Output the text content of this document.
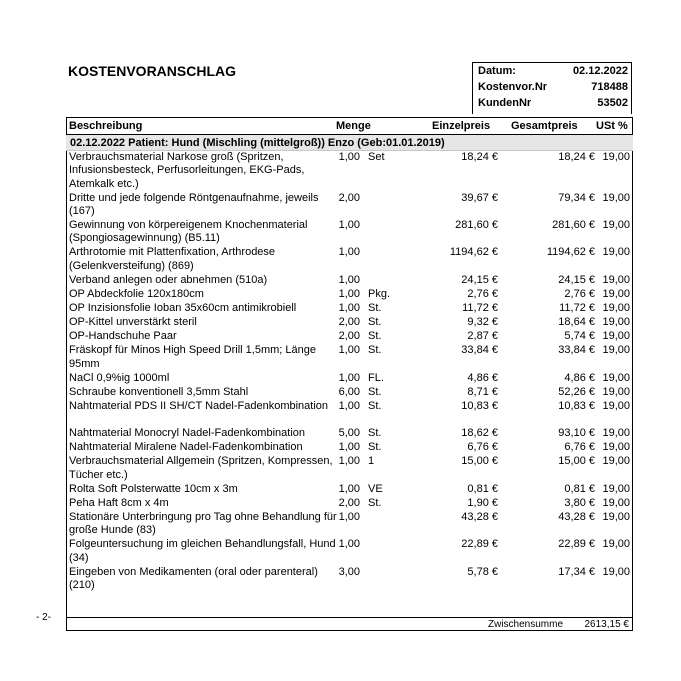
KOSTENVORANSCHLAG	Datum:	02.12.2022
Kostenvor.Nr	718488
KundenNr	53502
Beschreibung	Menge	Einzelpreis Gesamtpreis USt %
02.12.2022 Patient: Hund (Mischling (mittelgroß)) Enzo (Geb:01.01.2019)
Verbrauchsmaterial Narkose groß (Spritzen, Infusionsbesteck, Perfusorleitungen, EKG-Pads, Atemkalk etc.)
1,00 Set	18,24 €	18,24 € 19,00
Dritte und jede folgende Röntgenaufnahme, jeweils (167)
2,00	39,67 €	79,34 € 19,00
Gewinnung von körpereigenem Knochenmaterial (Spongiosagewinnung) (B5.11)
1,00	281,60 €	281,60 € 19,00
Arthrotomie mit Plattenfixation, Arthrodese (Gelenkversteifung) (869)
1,00	1194,62 €	1194,62 € 19,00
Verband anlegen oder abnehmen (510a)	1,00	24,15 €	24,15 € 19,00
OP Abdeckfolie 120x180cm	1,00 Pkg.	2,76 €	2,76 € 19,00
OP Inzisionsfolie Ioban 35x60cm antimikrobiell	1,00 St.	11,72 €	11,72 € 19,00
OP-Kittel unverstärkt steril	2,00 St.	9,32 €	18,64 € 19,00
OP-Handschuhe Paar	2,00 St.	2,87 €	5,74 € 19,00
Fräskopf für Minos High Speed Drill 1,5mm; Länge 95mm
1,00 St.	33,84 €	33,84 € 19,00
NaCl 0,9%ig 1000ml	1,00 FL.	4,86 €	4,86 € 19,00
Schraube konventionell 3,5mm Stahl	6,00 St.	8,71 €	52,26 € 19,00
Nahtmaterial PDS II SH/CT Nadel-Fadenkombination 1,00 St.	10,83 €	10,83 € 19,00
Nahtmaterial Monocryl Nadel-Fadenkombination	5,00 St.	18,62 €	93,10 € 19,00
Nahtmaterial Miralene Nadel-Fadenkombination	1,00 St.	6,76 €	6,76 € 19,00
Verbrauchsmaterial Allgemein (Spritzen, Kompressen, Tücher etc.)
1,00 1	15,00 €	15,00 € 19,00
Rolta Soft Polsterwatte 10cm x 3m	1,00 VE	0,81 €	0,81 € 19,00
Peha Haft 8cm x 4m	2,00 St.	1,90 €	3,80 € 19,00
Stationäre Unterbringung pro Tag ohne Behandlung für große Hunde (83)
1,00	43,28 €	43,28 € 19,00
Folgeuntersuchung im gleichen Behandlungsfall, Hund (34)
1,00	22,89 €	22,89 € 19,00
Eingeben von Medikamenten (oral oder parenteral) (210)
3,00	5,78 €	17,34 € 19,00
Zwischensumme 2613,15 €
- 2-
